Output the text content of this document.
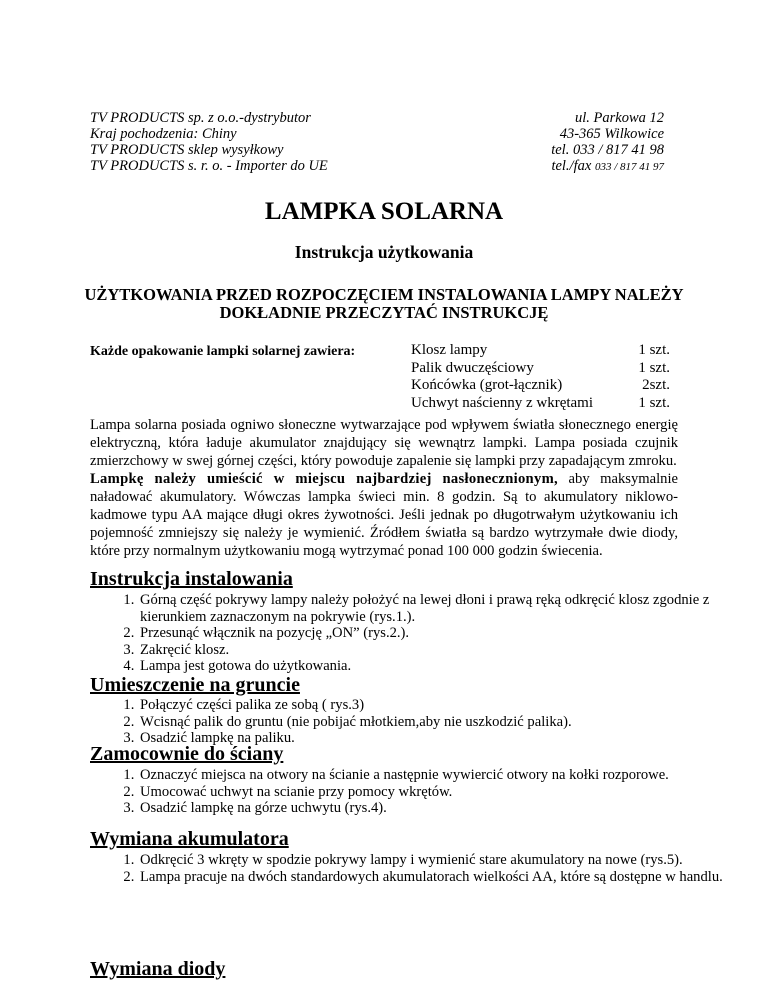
TV PRODUCTS sp. z o.o.-dystrybutor
Kraj pochodzenia: Chiny
TV PRODUCTS sklep wysyłkowy
TV PRODUCTS s. r. o. - Importer do UE
ul. Parkowa 12
43-365 Wilkowice
tel. 033 / 817 41 98
tel./fax 033 / 817 41 97
LAMPKA SOLARNA
Instrukcja użytkowania
UŻYTKOWANIA PRZED ROZPOCZĘCIEM INSTALOWANIA LAMPY NALEŻY DOKŁADNIE PRZECZYTAĆ INSTRUKCJĘ
Każde opakowanie lampki solarnej zawiera:	Klosz lampy	1 szt.
Palik dwuczęściowy	1 szt.
Końcówka (grot-łącznik)	2szt.
Uchwyt naścienny z wkrętami	1 szt.

Lampa solarna posiada ogniwo słoneczne wytwarzające pod wpływem światła słonecznego energię elektryczną, która ładuje akumulator znajdujący się wewnątrz lampki. Lampa posiada czujnik zmierzchowy w swej górnej części, który powoduje zapalenie się lampki przy zapadającym zmroku.

Lampkę należy umieścić w miejscu najbardziej nasłonecznionym, aby maksymalnie naładować akumulatory. Wówczas lampka świeci min. 8 godzin. Są to akumulatory niklowo-kadmowe typu AA mające długi okres żywotności. Jeśli jednak po długotrwałym użytkowaniu ich pojemność zmniejszy się należy je wymienić. Źródłem światła są bardzo wytrzymałe dwie diody, które przy normalnym użytkowaniu mogą wytrzymać ponad 100 000 godzin świecenia.

Instrukcja instalowania
1. Górną część pokrywy lampy należy położyć na lewej dłoni i prawą ręką odkręcić klosz zgodnie z kierunkiem zaznaczonym na pokrywie (rys.1.).
2. Przesunąć włącznik na pozycję „ON” (rys.2.).
3. Zakręcić klosz.
4. Lampa jest gotowa do użytkowania.
Umieszczenie na gruncie
1. Połączyć części palika ze sobą ( rys.3)
2. Wcisnąć palik do gruntu (nie pobijać młotkiem,aby nie uszkodzić palika).
3. Osadzić lampkę na paliku.
Zamocownie do ściany
1. Oznaczyć miejsca na otwory na ścianie a następnie wywiercić otwory na kołki rozporowe.
2. Umocować uchwyt na scianie przy pomocy wkrętów.
3. Osadzić lampkę na górze uchwytu (rys.4).
Wymiana akumulatora
1. Odkręcić 3 wkręty w spodzie pokrywy lampy i wymienić stare akumulatory na nowe (rys.5).
2. Lampa pracuje na dwóch standardowych akumulatorach wielkości AA, które są dostępne w handlu.
Wymiana diody
